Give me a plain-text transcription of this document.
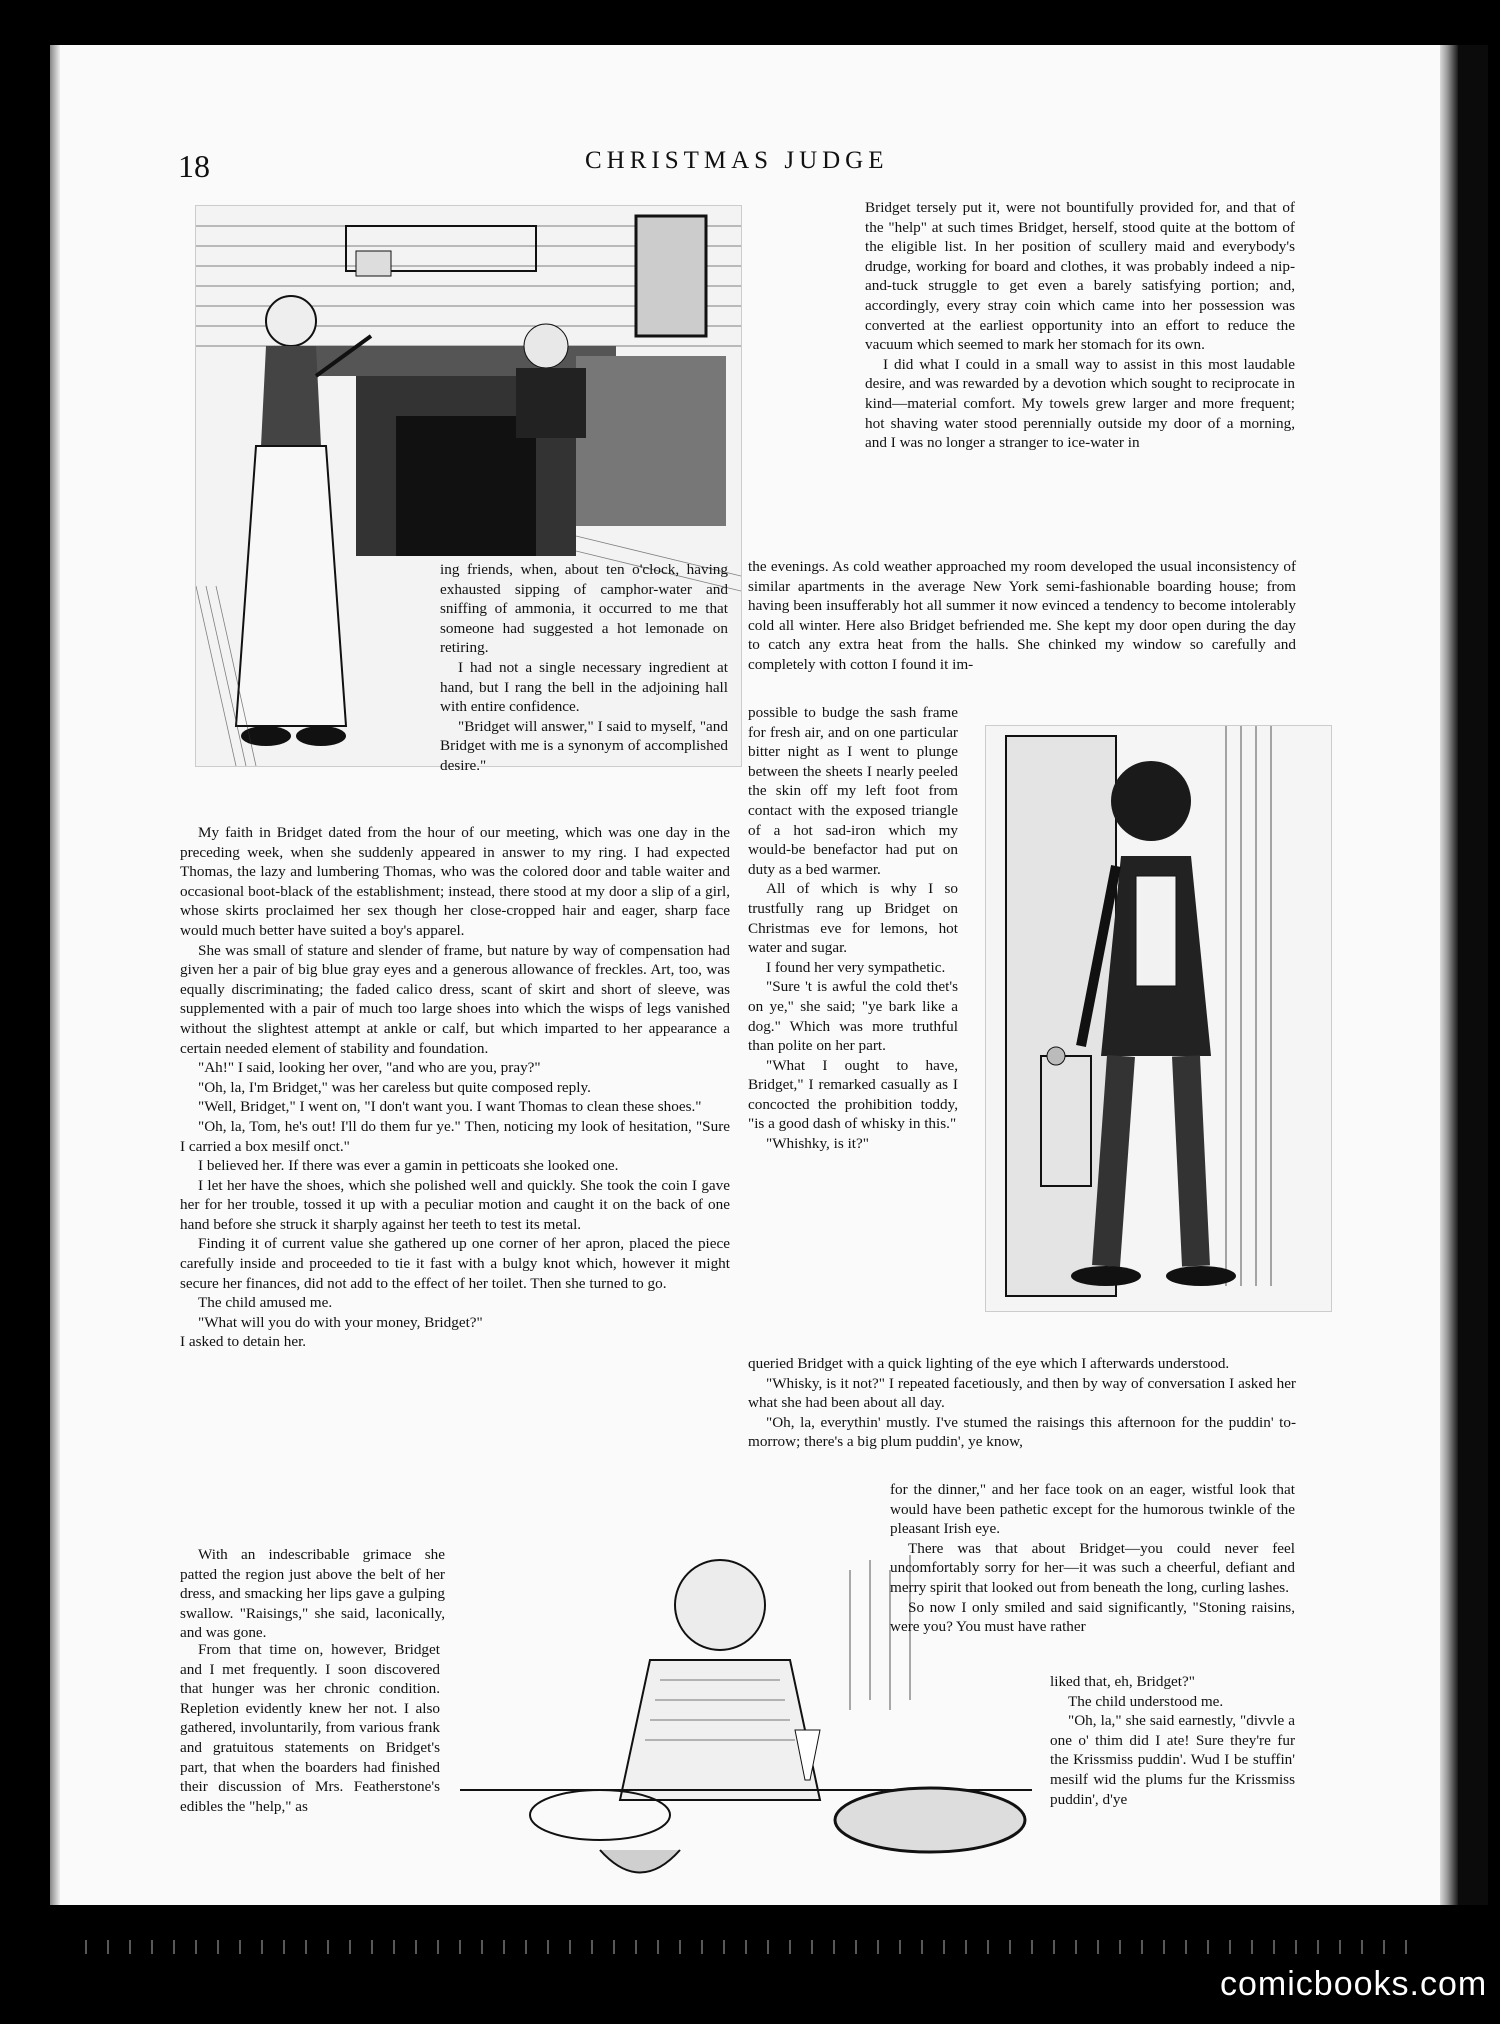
18	CHRISTMAS JUDGE

ing friends, when, about ten o'clock, having exhausted sipping of camphor-water and sniffing of ammonia, it occurred to me that someone had suggested a hot lemonade on retiring.

I had not a single necessary ingredient at hand, but I rang the bell in the adjoining hall with entire confidence.

"Bridget will answer," I said to myself, "and Bridget with me is a synonym of accomplished desire."

My faith in Bridget dated from the hour of our meeting, which was one day in the preceding week, when she suddenly appeared in answer to my ring. I had expected Thomas, the lazy and lumbering Thomas, who was the colored door and table waiter and occasional boot-black of the establishment; instead, there stood at my door a slip of a girl, whose skirts proclaimed her sex though her close-cropped hair and eager, sharp face would much better have suited a boy's apparel.

She was small of stature and slender of frame, but nature by way of compensation had given her a pair of big blue gray eyes and a generous allowance of freckles. Art, too, was equally discriminating; the faded calico dress, scant of skirt and short of sleeve, was supplemented with a pair of much too large shoes into which the wisps of legs vanished without the slightest attempt at ankle or calf, but which imparted to her appearance a certain needed element of stability and foundation.

"Ah!" I said, looking her over, "and who are you, pray?"

"Oh, la, I'm Bridget," was her careless but quite composed reply.

"Well, Bridget," I went on, "I don't want you. I want Thomas to clean these shoes."

"Oh, la, Tom, he's out! I'll do them fur ye." Then, noticing my look of hesitation, "Sure I carried a box mesilf onct."

I believed her. If there was ever a gamin in petticoats she looked one.

I let her have the shoes, which she polished well and quickly. She took the coin I gave her for her trouble, tossed it up with a peculiar motion and caught it on the back of one hand before she struck it sharply against her teeth to test its metal.

Finding it of current value she gathered up one corner of her apron, placed the piece carefully inside and proceeded to tie it fast with a bulgy knot which, however it might secure her finances, did not add to the effect of her toilet. Then she turned to go.

The child amused me.

"What will you do with your money, Bridget?"

I asked to detain her.

With an indescribable grimace she patted the region just above the belt of her dress, and smacking her lips gave a gulping swallow. "Raisings," she said, laconically, and was gone.

From that time on, however, Bridget and I met frequently. I soon discovered that hunger was her chronic condition. Repletion evidently knew her not. I also gathered, involuntarily, from various frank and gratuitous statements on Bridget's part, that when the boarders had finished their discussion of Mrs. Featherstone's edibles the "help," as

Bridget tersely put it, were not bountifully provided for, and that of the "help" at such times Bridget, herself, stood quite at the bottom of the eligible list. In her position of scullery maid and everybody's drudge, working for board and clothes, it was probably indeed a nip-and-tuck struggle to get even a barely satisfying portion; and, accordingly, every stray coin which came into her possession was converted at the earliest opportunity into an effort to reduce the vacuum which seemed to mark her stomach for its own.

I did what I could in a small way to assist in this most laudable desire, and was rewarded by a devotion which sought to reciprocate in kind—material comfort. My towels grew larger and more frequent; hot shaving water stood perennially outside my door of a morning, and I was no longer a stranger to ice-water in

the evenings. As cold weather approached my room developed the usual inconsistency of similar apartments in the average New York semi-fashionable boarding house; from having been insufferably hot all summer it now evinced a tendency to become intolerably cold all winter. Here also Bridget befriended me. She kept my door open during the day to catch any extra heat from the halls. She chinked my window so carefully and completely with cotton I found it im-

possible to budge the sash frame for fresh air, and on one particular bitter night as I went to plunge between the sheets I nearly peeled the skin off my left foot from contact with the exposed triangle of a hot sad-iron which my would-be benefactor had put on duty as a bed warmer.

All of which is why I so trustfully rang up Bridget on Christmas eve for lemons, hot water and sugar.

I found her very sympathetic.

"Sure 't is awful the cold thet's on ye," she said; "ye bark like a dog." Which was more truthful than polite on her part.

"What I ought to have, Bridget," I remarked casually as I concocted the prohibition toddy, "is a good dash of whisky in this."

"Whishky, is it?"

queried Bridget with a quick lighting of the eye which I afterwards understood.

"Whisky, is it not?" I repeated facetiously, and then by way of conversation I asked her what she had been about all day.

"Oh, la, everythin' mustly. I've stumed the raisings this afternoon for the puddin' to-morrow; there's a big plum puddin', ye know,

for the dinner," and her face took on an eager, wistful look that would have been pathetic except for the humorous twinkle of the pleasant Irish eye.

There was that about Bridget—you could never feel uncomfortably sorry for her—it was such a cheerful, defiant and merry spirit that looked out from beneath the long, curling lashes.

So now I only smiled and said significantly, "Stoning raisins, were you? You must have rather

liked that, eh, Bridget?"

The child understood me.

"Oh, la," she said earnestly, "divvle a one o' thim did I ate! Sure they're fur the Krissmiss puddin'. Wud I be stuffin' mesilf wid the plums fur the Krissmiss puddin', d'ye

comicbooks.com
